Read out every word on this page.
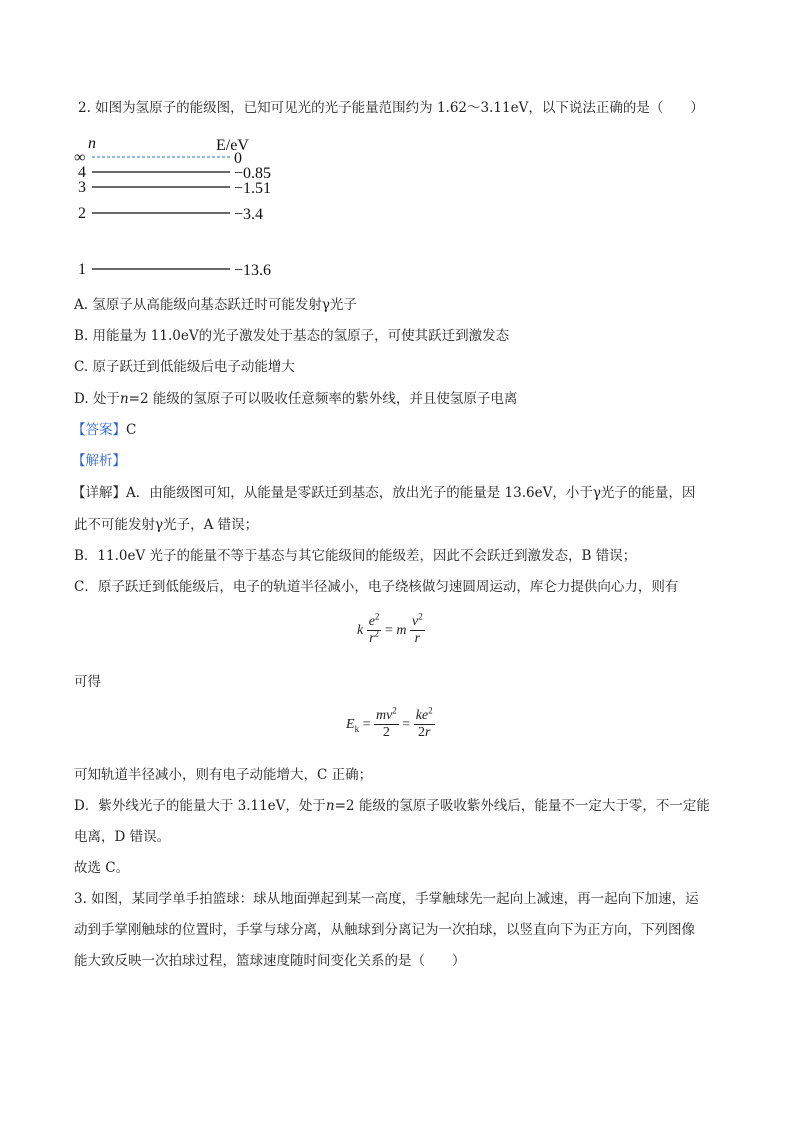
2. 如图为氢原子的能级图，已知可见光的光子能量范围约为 1.62～3.11eV，以下说法正确的是（　　）
n	E/eV
∞	0
4	−0.85
3	−1.51
2	−3.4
1	−13.6
A. 氢原子从高能级向基态跃迁时可能发射γ光子
B. 用能量为 11.0eV的光子激发处于基态的氢原子，可使其跃迁到激发态
C. 原子跃迁到低能级后电子动能增大
D. 处于n=2 能级的氢原子可以吸收任意频率的紫外线，并且使氢原子电离
【答案】C
【解析】
【详解】A．由能级图可知，从能量是零跃迁到基态，放出光子的能量是 13.6eV，小于γ光子的能量，因
此不可能发射γ光子，A 错误；
B．11.0eV 光子的能量不等于基态与其它能级间的能级差，因此不会跃迁到激发态，B 错误；
C．原子跃迁到低能级后，电子的轨道半径减小，电子绕核做匀速圆周运动，库仑力提供向心力，则有
k $\frac{e^2}{r^2} = m \frac{v^2}{r}$
可得
$E_k = \frac{mv^2}{2} = \frac{ke^2}{2r}$
可知轨道半径减小，则有电子动能增大，C 正确；
D．紫外线光子的能量大于 3.11eV，处于n=2 能级的氢原子吸收紫外线后，能量不一定大于零，不一定能
电离，D 错误。
故选 C。
3. 如图，某同学单手拍篮球：球从地面弹起到某一高度，手掌触球先一起向上减速，再一起向下加速，运
动到手掌刚触球的位置时，手掌与球分离，从触球到分离记为一次拍球，以竖直向下为正方向，下列图像
能大致反映一次拍球过程，篮球速度随时间变化关系的是（　　）
